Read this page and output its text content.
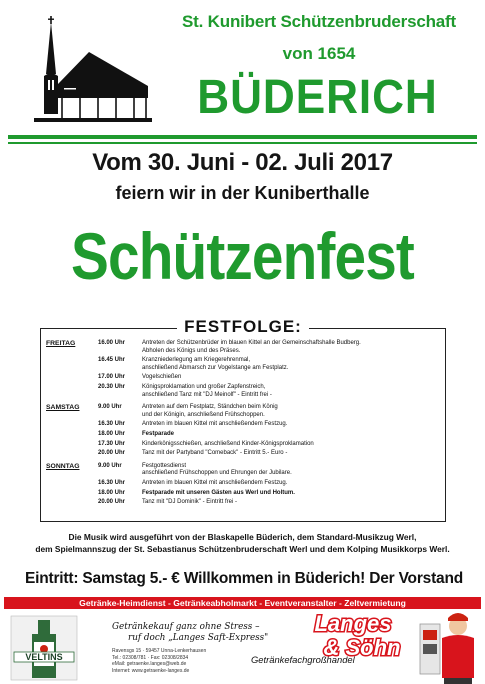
St. Kunibert Schützenbruderschaft
von 1654
BÜDERICH
Vom 30. Juni - 02. Juli 2017
feiern wir in der Kuniberthalle
Schützenfest
FESTFOLGE:
FREITAG	16.00 Uhr	Antreten der Schützenbrüder im blauen Kittel an der Gemeinschaftshalle Budberg.
Abholen des Königs und des Präses.
16.45 Uhr	Kranzniederlegung am Kriegerehrenmal,
anschließend Abmarsch zur Vogelstange am Festplatz.
17.00 Uhr	Vogelschießen
20.30 Uhr	Königsproklamation und großer Zapfenstreich,
anschließend Tanz mit "DJ Meinolf" - Eintritt frei -
SAMSTAG	9.00 Uhr	Antreten auf dem Festplatz, Ständchen beim König
und der Königin, anschließend Frühschoppen.
16.30 Uhr	Antreten im blauen Kittel mit anschließendem Festzug.
18.00 Uhr	Festparade
17.30 Uhr	Kinderkönigsschießen, anschließend Kinder-Königsproklamation
20.00 Uhr	Tanz mit der Partyband "Comeback" - Eintritt 5.- Euro -
SONNTAG	9.00 Uhr	Festgottesdienst
anschließend Frühschoppen und Ehrungen der Jubilare.
16.30 Uhr	Antreten im blauen Kittel mit anschließendem Festzug.
18.00 Uhr	Festparade mit unseren Gästen aus Werl und Holtum.
20.00 Uhr	Tanz mit "DJ Dominik" - Eintritt frei -
Die Musik wird ausgeführt von der Blaskapelle Büderich, dem Standard-Musikzug Werl,
dem Spielmannszug der St. Sebastianus Schützenbruderschaft Werl und dem Kolping Musikkorps Werl.
Eintritt: Samstag 5.- € Willkommen in Büderich! Der Vorstand
Getränke-Heimdienst - Getränkeabholmarkt - Eventveranstalter - Zeltvermietung
VELTINS
Getränkekauf ganz ohne Stress –
ruf doch „Langes Saft-Express"
Ravensgs 15 · 59457 Unna-Lenkerhausen
Tel.: 02308/781 · Fax: 02308/2834
eMail: getraenke.langes@web.de
Internet: www.getraenke-langes.de
Langes
& Söhn
Getränkefachgroßhandel
